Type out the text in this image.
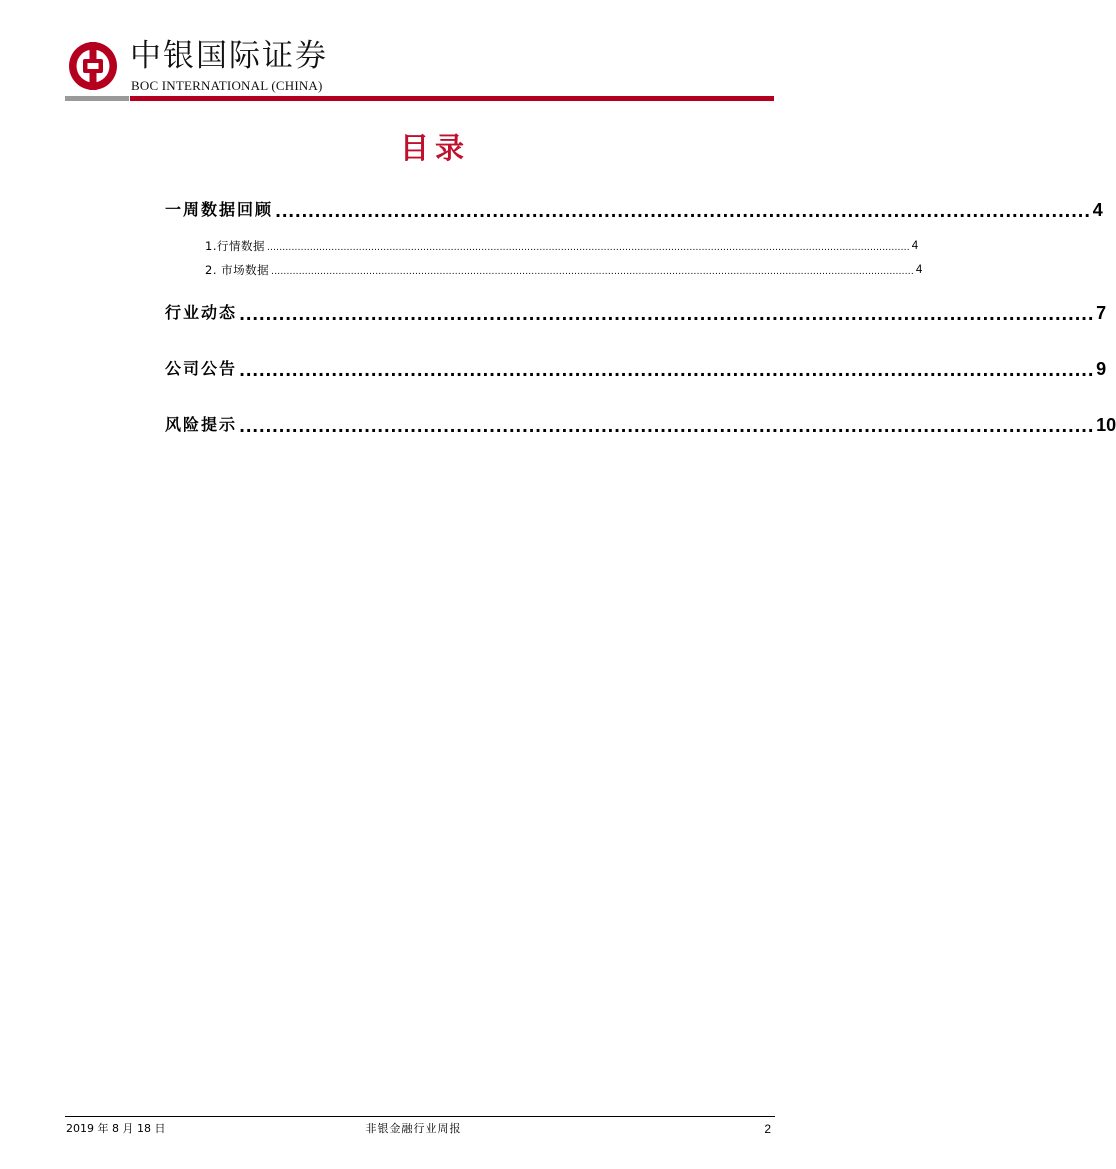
中银国际证券
BOC INTERNATIONAL (CHINA)
目录
一周数据回顾 ............................................................................................................................ 4
1.行情数据 .................................................................................................................................................................................................................. 4
2. 市场数据 .................................................................................................................................................................................................................. 4
行业动态 .................................................................................................................................. 7
公司公告 .................................................................................................................................. 9
风险提示 .................................................................................................................................. 10
2019 年 8 月 18 日	非银金融行业周报	2
